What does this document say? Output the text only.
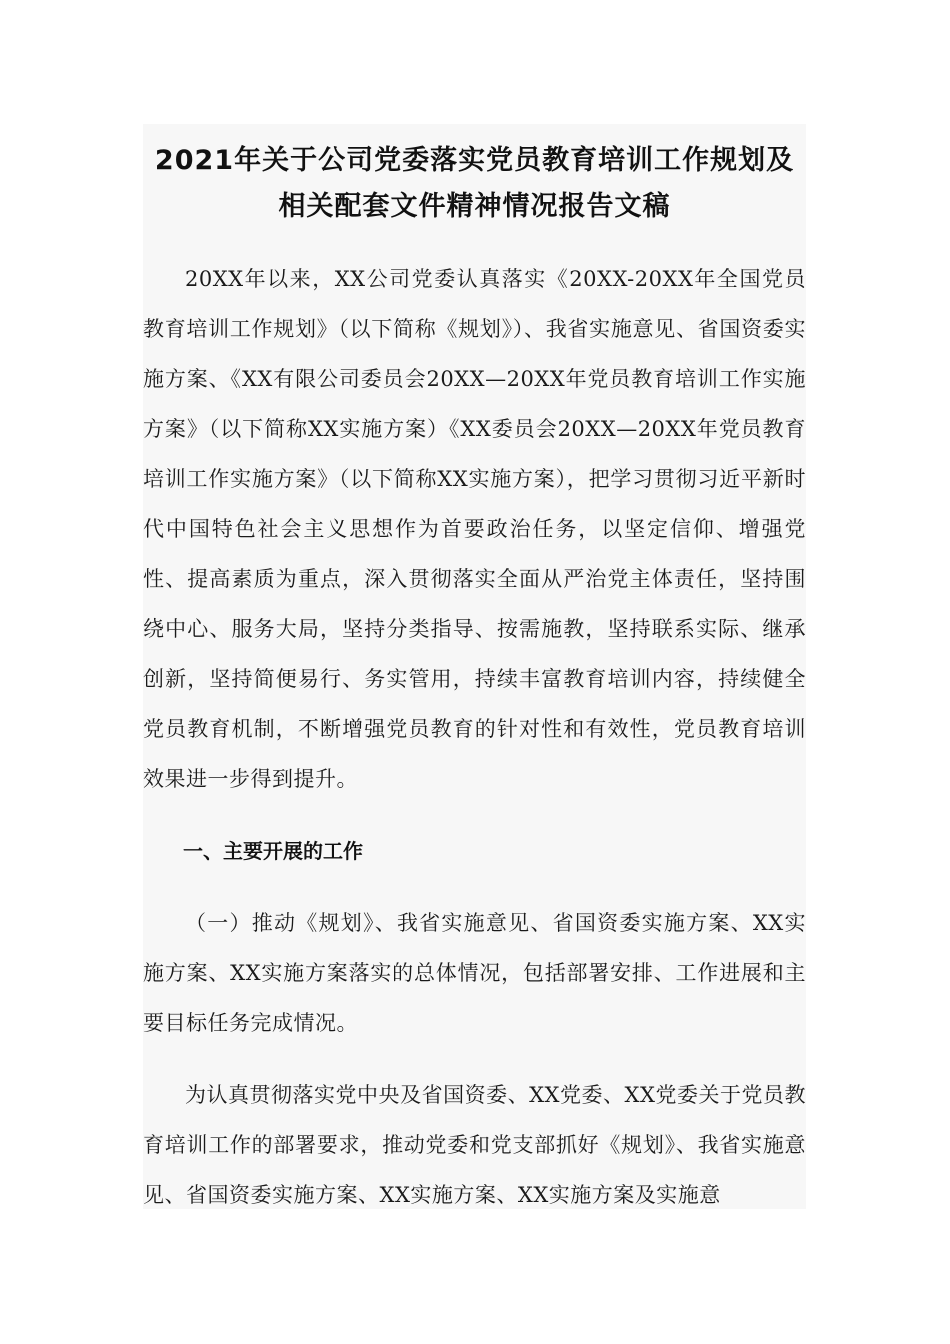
2021年关于公司党委落实党员教育培训工作规划及
相关配套文件精神情况报告文稿

20XX年以来，XX公司党委认真落实《20XX-20XX年全国党员教育培训工作规划》（以下简称《规划》）、我省实施意见、省国资委实施方案、《XX有限公司委员会20XX—20XX年党员教育培训工作实施方案》（以下简称XX实施方案）《XX委员会20XX—20XX年党员教育培训工作实施方案》（以下简称XX实施方案），把学习贯彻习近平新时代中国特色社会主义思想作为首要政治任务，以坚定信仰、增强党性、提高素质为重点，深入贯彻落实全面从严治党主体责任，坚持围绕中心、服务大局，坚持分类指导、按需施教，坚持联系实际、继承创新，坚持简便易行、务实管用，持续丰富教育培训内容，持续健全党员教育机制，不断增强党员教育的针对性和有效性，党员教育培训效果进一步得到提升。

一、主要开展的工作

（一）推动《规划》、我省实施意见、省国资委实施方案、XX实施方案、XX实施方案落实的总体情况，包括部署安排、工作进展和主要目标任务完成情况。

为认真贯彻落实党中央及省国资委、XX党委、XX党委关于党员教育培训工作的部署要求，推动党委和党支部抓好《规划》、我省实施意见、省国资委实施方案、XX实施方案、XX实施方案及实施意
